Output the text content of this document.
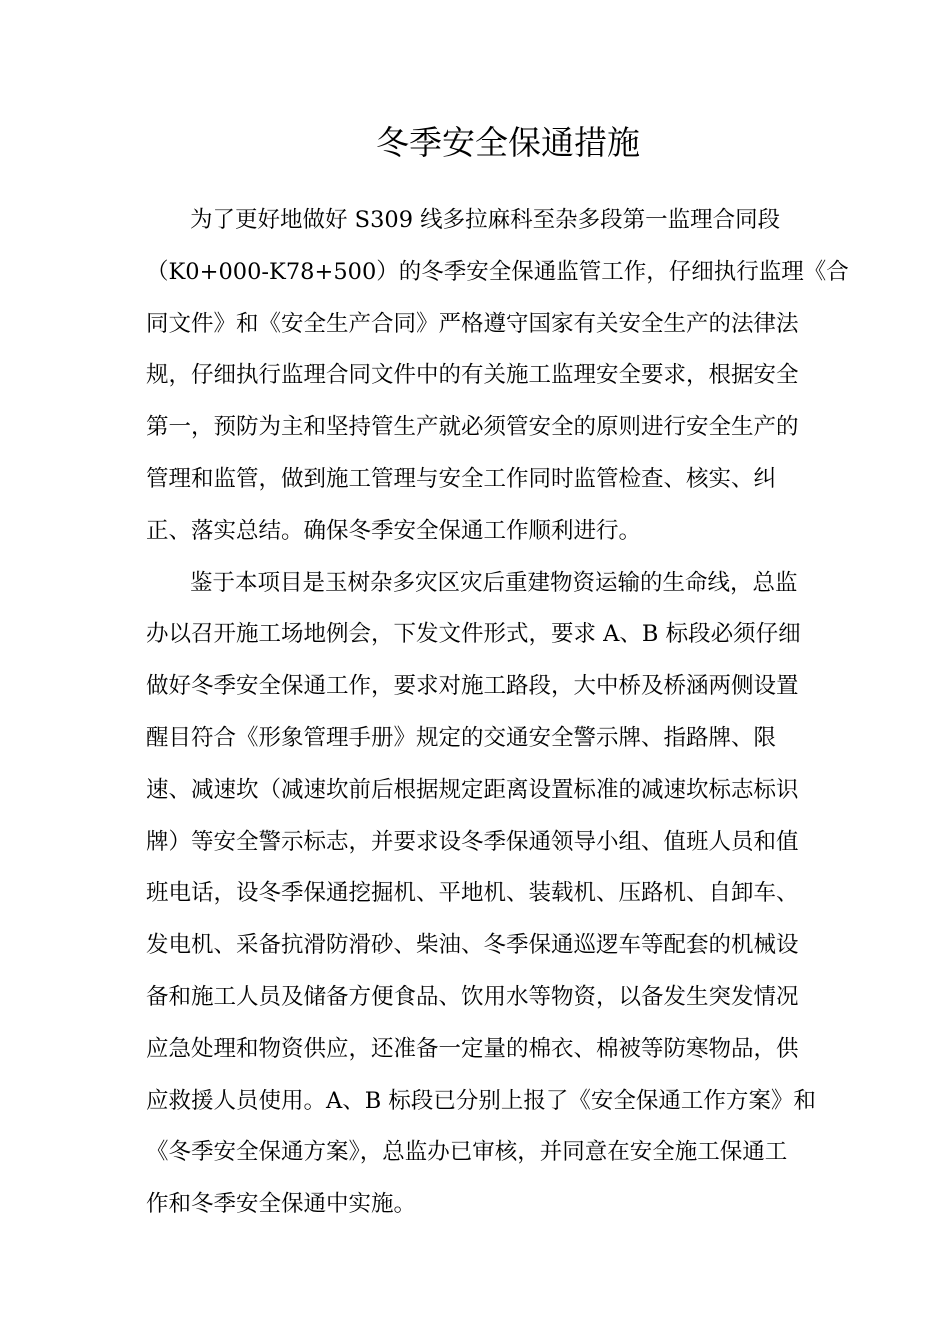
冬季安全保通措施
为了更好地做好 S309 线多拉麻科至杂多段第一监理合同段
（K0+000-K78+500）的冬季安全保通监管工作，仔细执行监理《合
同文件》和《安全生产合同》严格遵守国家有关安全生产的法律法
规，仔细执行监理合同文件中的有关施工监理安全要求，根据安全
第一，预防为主和坚持管生产就必须管安全的原则进行安全生产的
管理和监管，做到施工管理与安全工作同时监管检查、核实、纠
正、落实总结。确保冬季安全保通工作顺利进行。
鉴于本项目是玉树杂多灾区灾后重建物资运输的生命线，总监
办以召开施工场地例会，下发文件形式，要求 A、B 标段必须仔细
做好冬季安全保通工作，要求对施工路段，大中桥及桥涵两侧设置
醒目符合《形象管理手册》规定的交通安全警示牌、指路牌、限
速、减速坎（减速坎前后根据规定距离设置标准的减速坎标志标识
牌）等安全警示标志，并要求设冬季保通领导小组、值班人员和值
班电话，设冬季保通挖掘机、平地机、装载机、压路机、自卸车、
发电机、采备抗滑防滑砂、柴油、冬季保通巡逻车等配套的机械设
备和施工人员及储备方便食品、饮用水等物资，以备发生突发情况
应急处理和物资供应，还准备一定量的棉衣、棉被等防寒物品，供
应救援人员使用。A、B 标段已分别上报了《安全保通工作方案》和
《冬季安全保通方案》，总监办已审核，并同意在安全施工保通工
作和冬季安全保通中实施。
